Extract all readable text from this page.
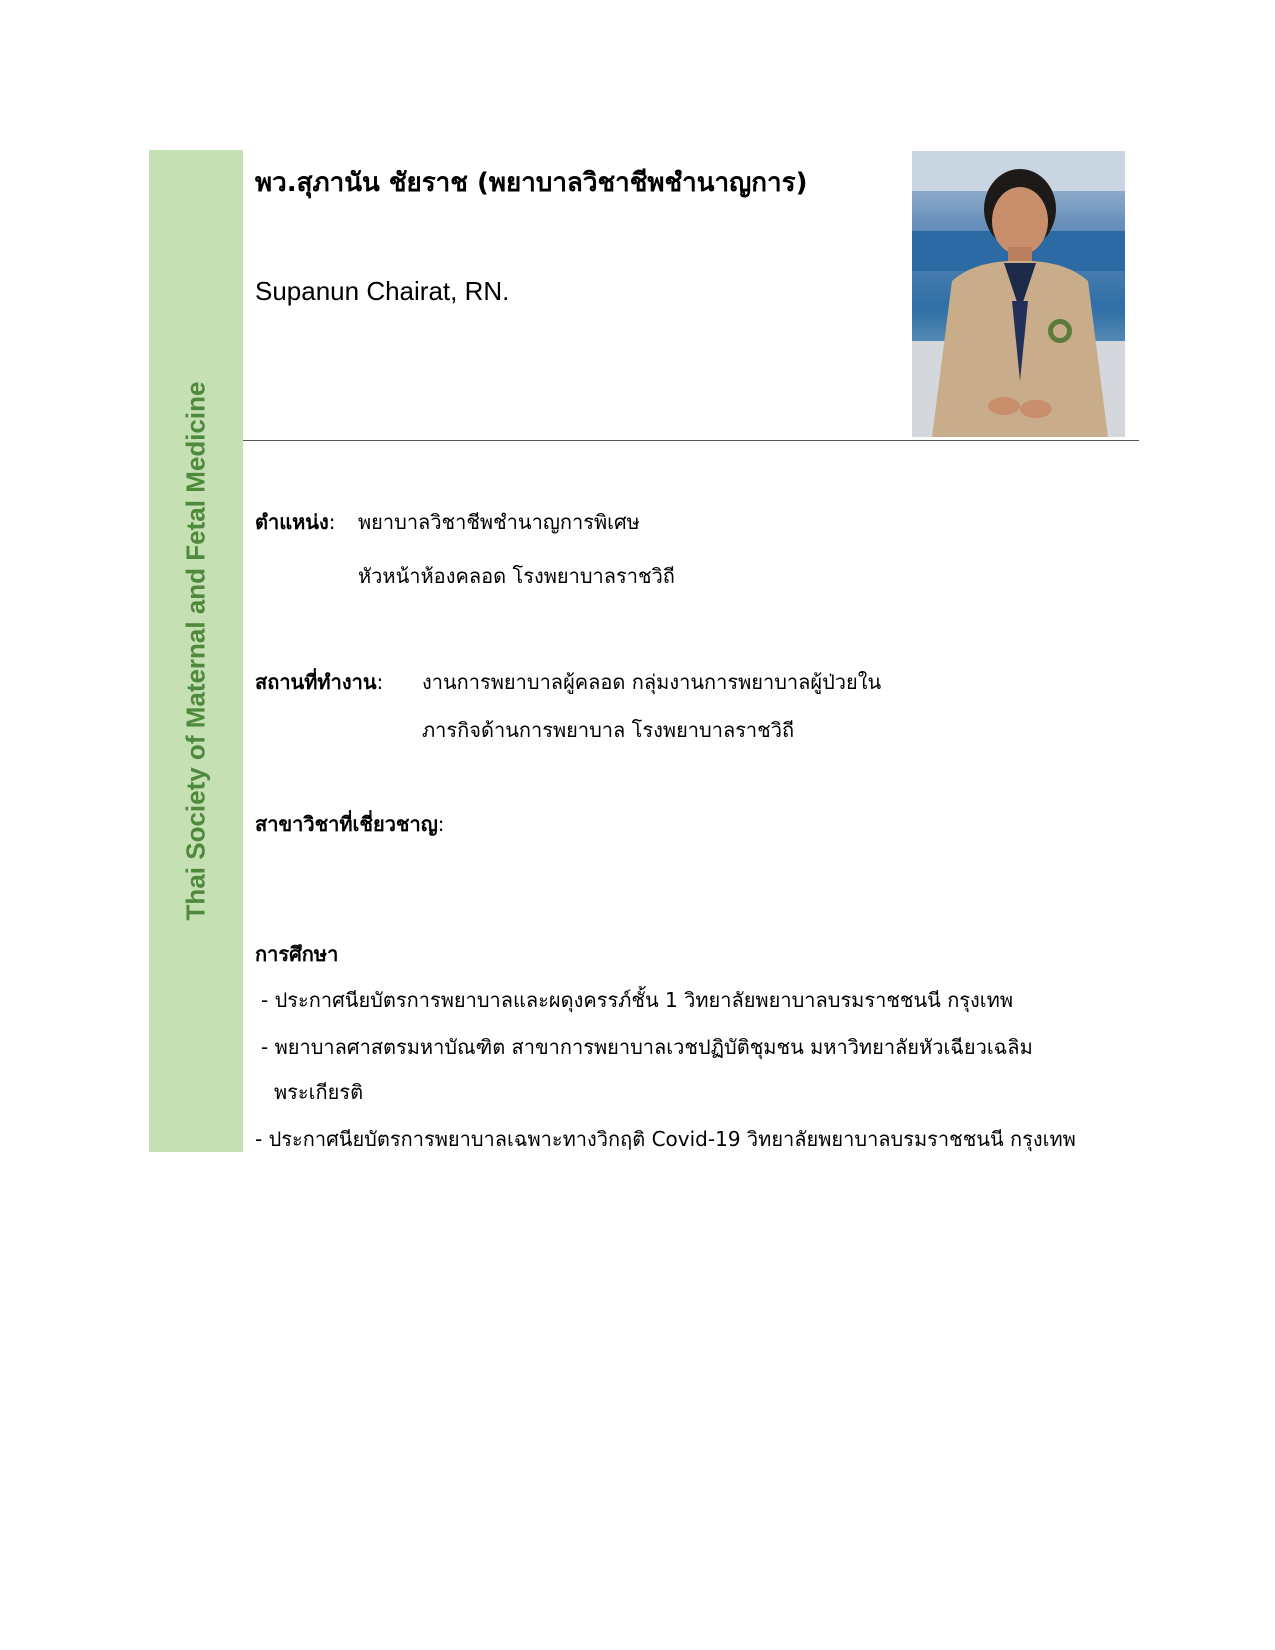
Thai Society of Maternal and Fetal Medicine
พว.สุภานัน ชัยราช (พยาบาลวิชาชีพชำนาญการ)
Supanun Chairat, RN.
ตำแหน่ง: พยาบาลวิชาชีพชำนาญการพิเศษ
หัวหน้าห้องคลอด โรงพยาบาลราชวิถี
สถานที่ทำงาน: งานการพยาบาลผู้คลอด กลุ่มงานการพยาบาลผู้ป่วยใน
ภารกิจด้านการพยาบาล โรงพยาบาลราชวิถี
สาขาวิชาที่เชี่ยวชาญ:
การศึกษา
- ประกาศนียบัตรการพยาบาลและผดุงครรภ์ชั้น 1 วิทยาลัยพยาบาลบรมราชชนนี กรุงเทพ
- พยาบาลศาสตรมหาบัณฑิต สาขาการพยาบาลเวชปฏิบัติชุมชน มหาวิทยาลัยหัวเฉียวเฉลิม
พระเกียรติ
- ประกาศนียบัตรการพยาบาลเฉพาะทางวิกฤติ Covid-19 วิทยาลัยพยาบาลบรมราชชนนี กรุงเทพ
